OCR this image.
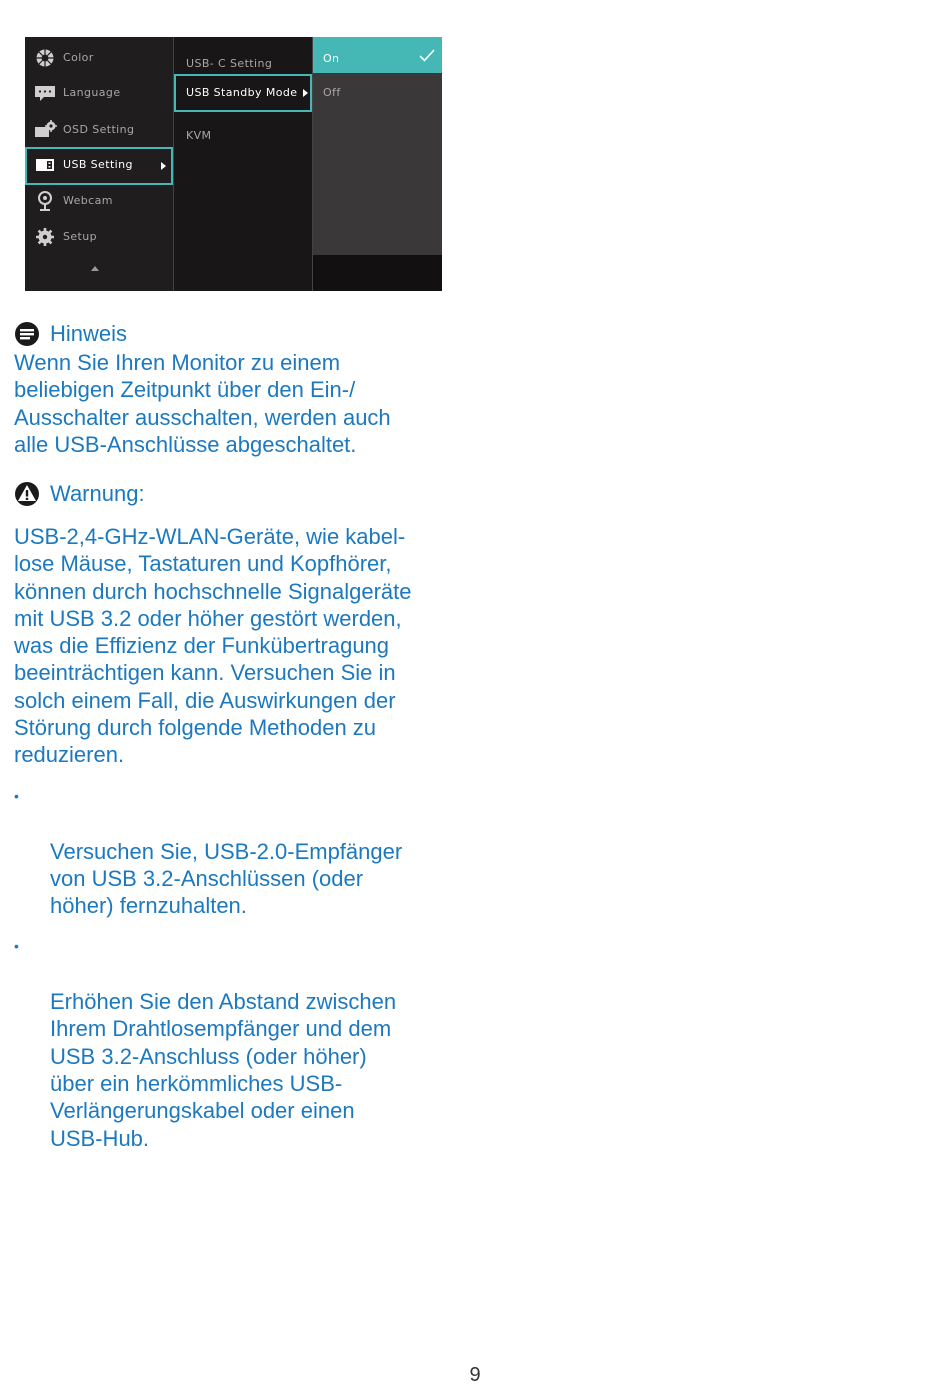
Color
Language
OSD Setting
USB Setting
Webcam
Setup
USB- C Setting
USB Standby Mode
KVM
On
Off
Hinweis

Wenn Sie Ihren Monitor zu einem
beliebigen Zeitpunkt über den Ein-/
Ausschalter ausschalten, werden auch
alle USB-Anschlüsse abgeschaltet.

Warnung:

USB-2,4-GHz-WLAN-Geräte, wie kabel-
lose Mäuse, Tastaturen und Kopfhörer,
können durch hochschnelle Signalgeräte
mit USB 3.2 oder höher gestört werden,
was die Effizienz der Funkübertragung
beeinträchtigen kann. Versuchen Sie in
solch einem Fall, die Auswirkungen der
Störung durch folgende Methoden zu
reduzieren.

•

Versuchen Sie, USB-2.0-Empfänger
von USB 3.2-Anschlüssen (oder
höher) fernzuhalten.

•

Erhöhen Sie den Abstand zwischen
Ihrem Drahtlosempfänger und dem
USB 3.2-Anschluss (oder höher)
über ein herkömmliches USB-
Verlängerungskabel oder einen
USB-Hub.

9
